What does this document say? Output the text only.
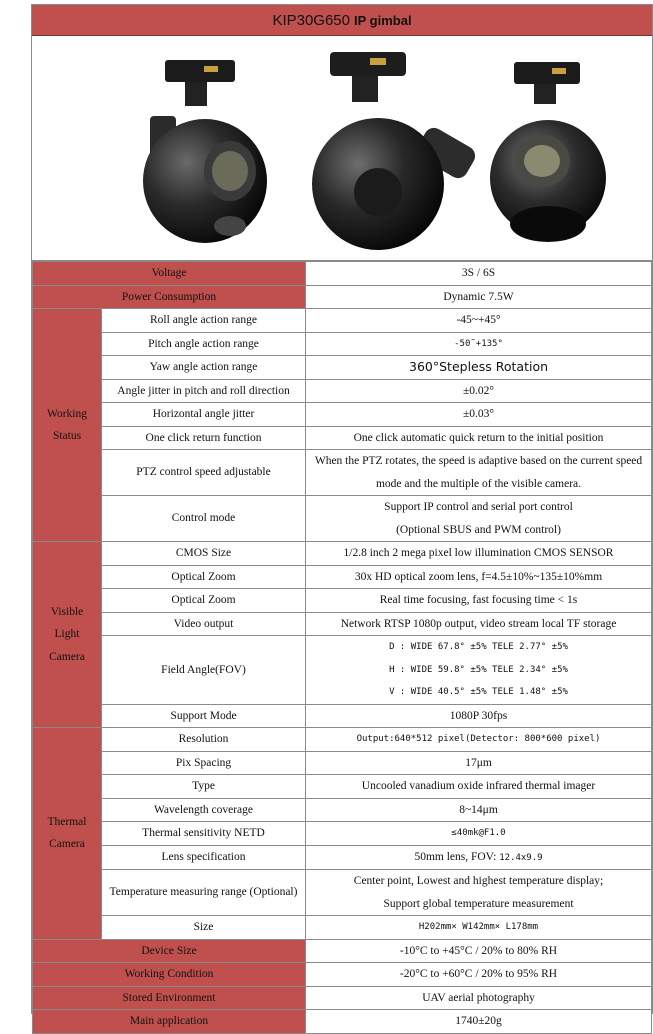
KIP30G650 IP gimbal
Voltage		3S / 6S
Power Consumption		Dynamic 7.5W

Working
Status	Roll angle action range	-45~+45°
	Pitch angle action range	-50˜+135°
	Yaw angle action range	360°Stepless Rotation
	Angle jitter in pitch and roll direction	±0.02°
	Horizontal angle jitter	±0.03°
	One click return function	One click automatic quick return to the initial position
	PTZ control speed adjustable	When the PTZ rotates, the speed is adaptive based on the current speed
mode and the multiple of the visible camera.

	Control mode	Support IP control and serial port control
(Optional SBUS and PWM control)

Visible
Light
Camera	CMOS Size	1/2.8 inch 2 mega pixel low illumination CMOS SENSOR
	Optical Zoom	30x HD optical zoom lens, f=4.5±10%~135±10%mm
	Optical Zoom	Real time focusing, fast focusing time < 1s
	Video output	Network RTSP 1080p output, video stream local TF storage
	Field Angle(FOV)	D : WIDE 67.8° ±5% TELE 2.77° ±5%
H : WIDE 59.8° ±5% TELE 2.34° ±5%
V : WIDE 40.5° ±5% TELE 1.48° ±5%

	Support Mode	1080P 30fps

Thermal
Camera	Resolution	Output:640*512 pixel(Detector: 800*600 pixel)
	Pix Spacing	17μm
	Type	Uncooled vanadium oxide infrared thermal imager
	Wavelength coverage	8~14μm
	Thermal sensitivity NETD	≤40mk@F1.0
	Lens specification	50mm lens, FOV: 12.4x9.9
	Temperature measuring range (Optional)	Center point, Lowest and highest temperature display;
Support global temperature measurement

	Size	H202mm× W142mm× L178mm
Device Size		-10°C to +45°C / 20% to 80% RH
Working Condition		-20°C to +60°C / 20% to 95% RH
Stored Environment		UAV aerial photography
Main application		1740±20g
